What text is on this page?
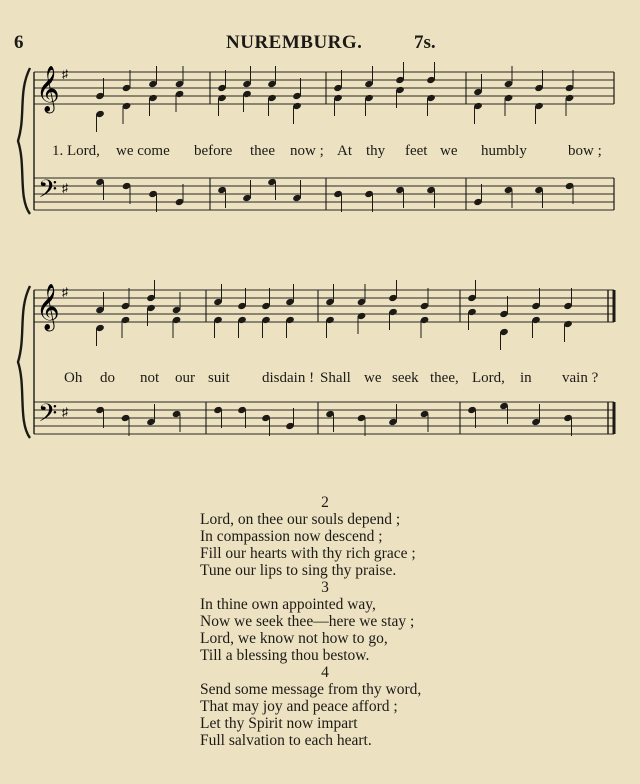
6	NUREMBURG.	7s.
𝄞
𝄢
♯
♯
𝄞
𝄢
♯
♯
1. Lord, we come before thee now ; At thy feet we humbly	bow ;
Oh do not our suit disdain ! Shall we seek thee, Lord, in vain ?
2
Lord, on thee our souls depend ;
In compassion now descend ;
Fill our hearts with thy rich grace ;
Tune our lips to sing thy praise.
3
In thine own appointed way,
Now we seek thee—here we stay ;
Lord, we know not how to go,
Till a blessing thou bestow.
4
Send some message from thy word,
That may joy and peace afford ;
Let thy Spirit now impart
Full salvation to each heart.
